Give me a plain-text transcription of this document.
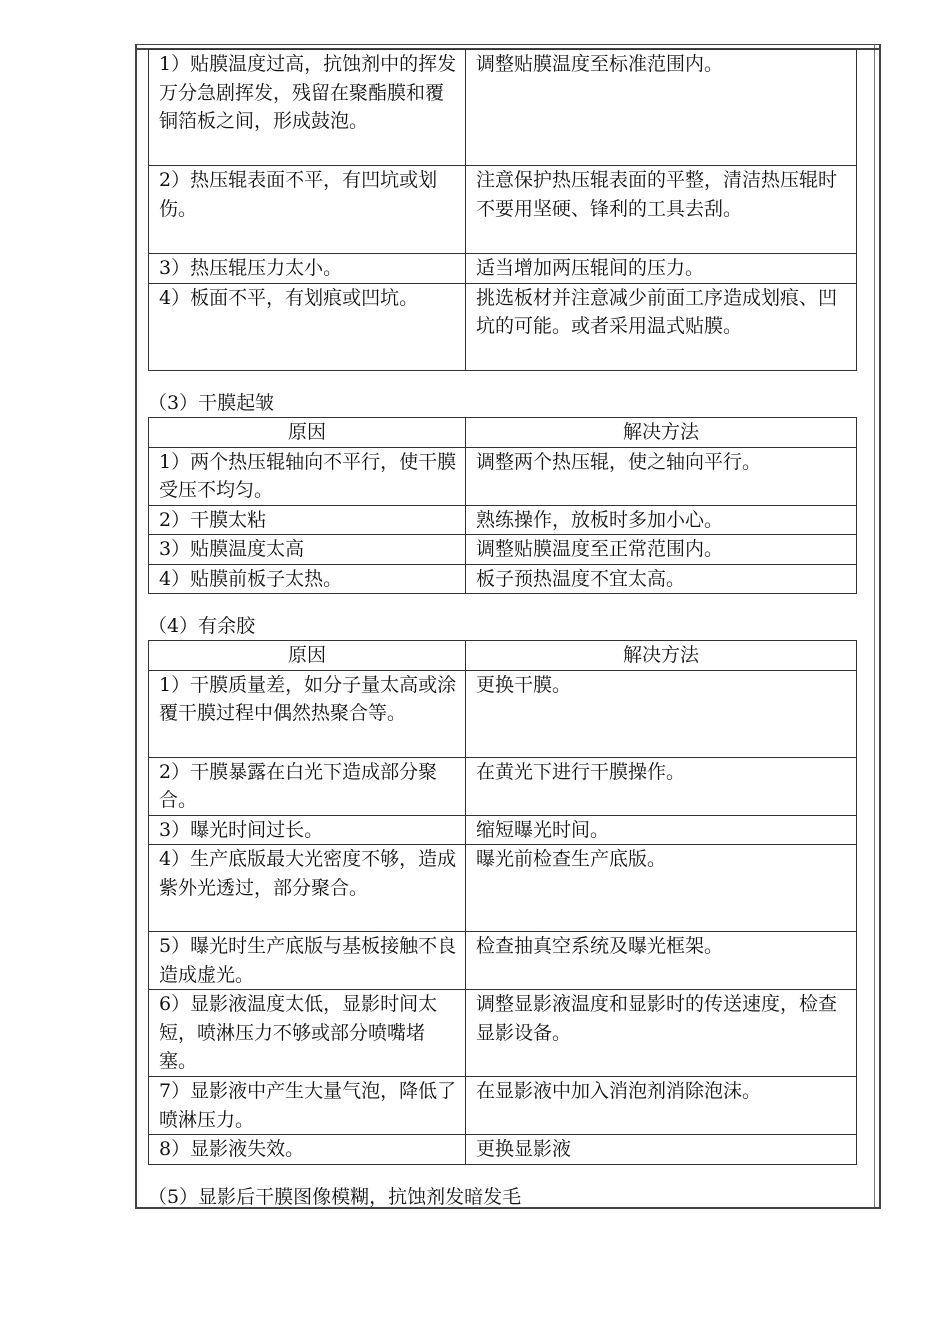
1）贴膜温度过高，抗蚀剂中的挥发万分急剧挥发，残留在聚酯膜和覆铜箔板之间，形成鼓泡。	调整贴膜温度至标准范围内。
2）热压辊表面不平，有凹坑或划伤。	注意保护热压辊表面的平整，清洁热压辊时不要用坚硬、锋利的工具去刮。
3）热压辊压力太小。	适当增加两压辊间的压力。
4）板面不平，有划痕或凹坑。	挑选板材并注意减少前面工序造成划痕、凹坑的可能。或者采用温式贴膜。

（3）干膜起皱

原因	解决方法
1）两个热压辊轴向不平行，使干膜受压不均匀。	调整两个热压辊，使之轴向平行。
2）干膜太粘	熟练操作，放板时多加小心。
3）贴膜温度太高	调整贴膜温度至正常范围内。
4）贴膜前板子太热。	板子预热温度不宜太高。

（4）有余胶

原因	解决方法
1）干膜质量差，如分子量太高或涂覆干膜过程中偶然热聚合等。	更换干膜。
2）干膜暴露在白光下造成部分聚合。	在黄光下进行干膜操作。
3）曝光时间过长。	缩短曝光时间。
4）生产底版最大光密度不够，造成紫外光透过，部分聚合。	曝光前检查生产底版。
5）曝光时生产底版与基板接触不良造成虚光。	检查抽真空系统及曝光框架。
6）显影液温度太低，显影时间太短，喷淋压力不够或部分喷嘴堵塞。	调整显影液温度和显影时的传送速度，检查显影设备。
7）显影液中产生大量气泡，降低了喷淋压力。	在显影液中加入消泡剂消除泡沫。
8）显影液失效。	更换显影液

（5）显影后干膜图像模糊，抗蚀剂发暗发毛
